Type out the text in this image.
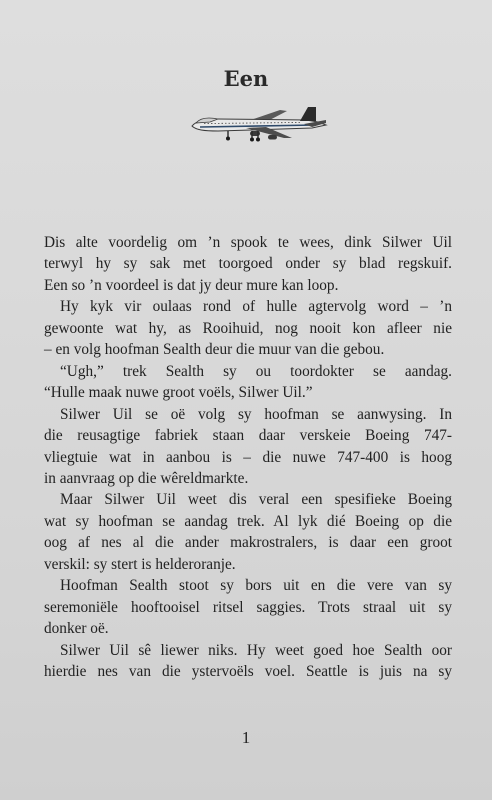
Een

Dis alte voordelig om ’n spook te wees, dink Silwer Uil
terwyl hy sy sak met toorgoed onder sy blad regskuif.
Een so ’n voordeel is dat jy deur mure kan loop.

Hy kyk vir oulaas rond of hulle agtervolg word – ’n
gewoonte wat hy, as Rooihuid, nog nooit kon afleer nie
– en volg hoofman Sealth deur die muur van die gebou.

“Ugh,” trek Sealth sy ou toordokter se aandag.
“Hulle maak nuwe groot voëls, Silwer Uil.”

Silwer Uil se oë volg sy hoofman se aanwysing. In
die reusagtige fabriek staan daar verskeie Boeing 747-
vliegtuie wat in aanbou is – die nuwe 747-400 is hoog
in aanvraag op die wêreldmarkte.

Maar Silwer Uil weet dis veral een spesifieke Boeing
wat sy hoofman se aandag trek. Al lyk dié Boeing op die
oog af nes al die ander makrostralers, is daar een groot
verskil: sy stert is helderoranje.

Hoofman Sealth stoot sy bors uit en die vere van sy
seremoniële hooftooisel ritsel saggies. Trots straal uit sy
donker oë.

Silwer Uil sê liewer niks. Hy weet goed hoe Sealth oor
hierdie nes van die ystervoëls voel. Seattle is juis na sy

1
